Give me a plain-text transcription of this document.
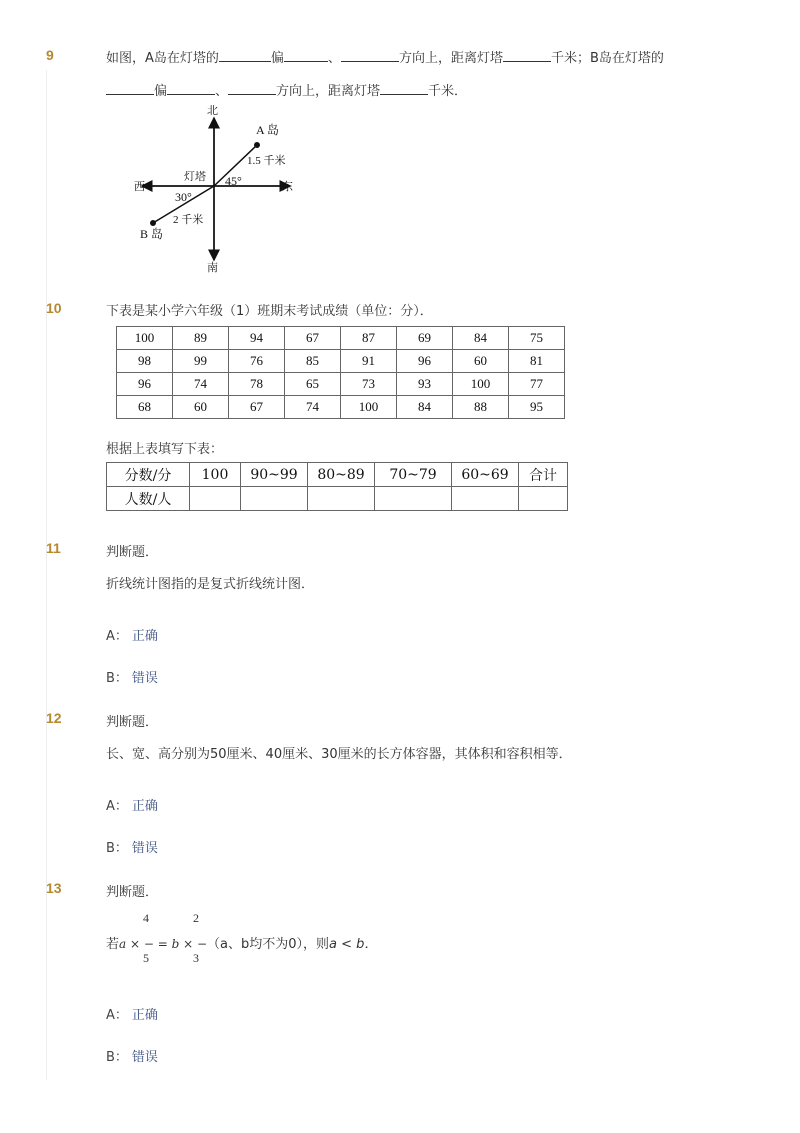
9	如图，A岛在灯塔的	偏	、	方向上，距离灯塔	千米；B岛在灯塔的
偏	、	方向上，距离灯塔	千米．
北
南
东
西
灯塔
A 岛
B 岛
1.5 千米
2 千米
45°
30°
10	下表是某小学六年级（1）班期末考试成绩（单位：分）．
100	89	94	67	87	69	84	75
98	99	76	85	91	96	60	81
96	74	78	65	73	93	100	77
68	60	67	74	100	84	88	95
根据上表填写下表：
分数/分	100	90~99	80~89	70~79	60~69	合计
人数/人						
11	判断题．
折线统计图指的是复式折线统计图．
A： 正确
B： 错误
12	判断题．
长、宽、高分别为50厘米、40厘米、30厘米的长方体容器，其体积和容积相等．
A： 正确
B： 错误
13	判断题．
4	2
若a × − = b × −（a、b均不为0），则a < b．
5	3
A： 正确
B： 错误
